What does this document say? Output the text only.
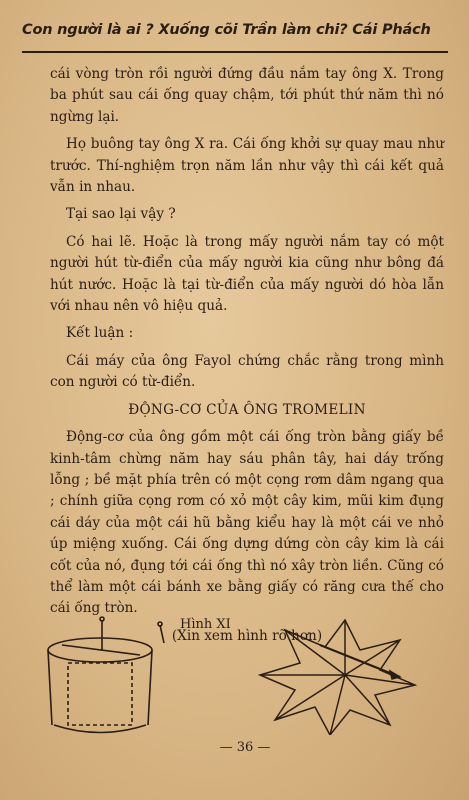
Con người là ai ? Xuống cõi Trần làm chi? Cái Phách

cái vòng tròn rồi người đứng đầu nắm tay ông X. Trong ba phút sau cái ống quay chậm, tới phút thứ năm thì nó ngừng lại.

Họ buông tay ông X ra. Cái ống khởi sự quay mau như trước. Thí-nghiệm trọn năm lần như vậy thì cái kết quả vẫn in nhau.

Tại sao lại vậy ?

Có hai lẽ. Hoặc là trong mấy người nắm tay có một người hút từ-điển của mấy người kia cũng như bông đá hút nước. Hoặc là tại từ-điển của mấy người dó hòa lẫn với nhau nên vô hiệu quả.

Kết luận :

Cái máy của ông Fayol chứng chắc rằng trong mình con người có từ-điển.

ĐỘNG-CƠ CỦA ÔNG TROMELIN

Động-cơ của ông gồm một cái ống tròn bằng giấy bề kinh-tâm chừng năm hay sáu phân tây, hai dáy trống lỗng ; bề mặt phía trên có một cọng rơm dâm ngang qua ; chính giữa cọng rơm có xỏ một cây kim, mũi kim đụng cái dáy của một cái hũ bằng kiểu hay là một cái ve nhỏ úp miệng xuống. Cái ống dựng dứng còn cây kim là cái cốt của nó, đụng tới cái ống thì nó xây tròn liền. Cũng có thể làm một cái bánh xe bằng giấy có răng cưa thế cho cái ống tròn.

(Xin xem hình rõ hơn)

Hình XI
— 36 —
